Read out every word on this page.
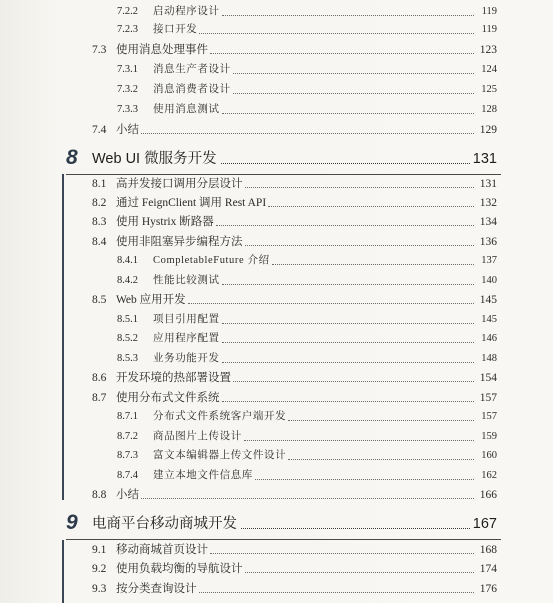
7.2.2 启动程序设计	119
7.2.3 接口开发	119
7.3 使用消息处理事件	123
7.3.1 消息生产者设计	124
7.3.2 消息消费者设计	125
7.3.3 使用消息测试	128
7.4 小结	129
8 Web UI 微服务开发	131
8.1 高并发接口调用分层设计	131
8.2 通过 FeignClient 调用 Rest API	132
8.3 使用 Hystrix 断路器	134
8.4 使用非阻塞异步编程方法	136
8.4.1 CompletableFuture 介绍	137
8.4.2 性能比较测试	140
8.5 Web 应用开发	145
8.5.1 项目引用配置	145
8.5.2 应用程序配置	146
8.5.3 业务功能开发	148
8.6 开发环境的热部署设置	154
8.7 使用分布式文件系统	157
8.7.1 分布式文件系统客户端开发	157
8.7.2 商品图片上传设计	159
8.7.3 富文本编辑器上传文件设计	160
8.7.4 建立本地文件信息库	162
8.8 小结	166
9 电商平台移动商城开发	167
9.1 移动商城首页设计	168
9.2 使用负载均衡的导航设计	174
9.3 按分类查询设计	176
